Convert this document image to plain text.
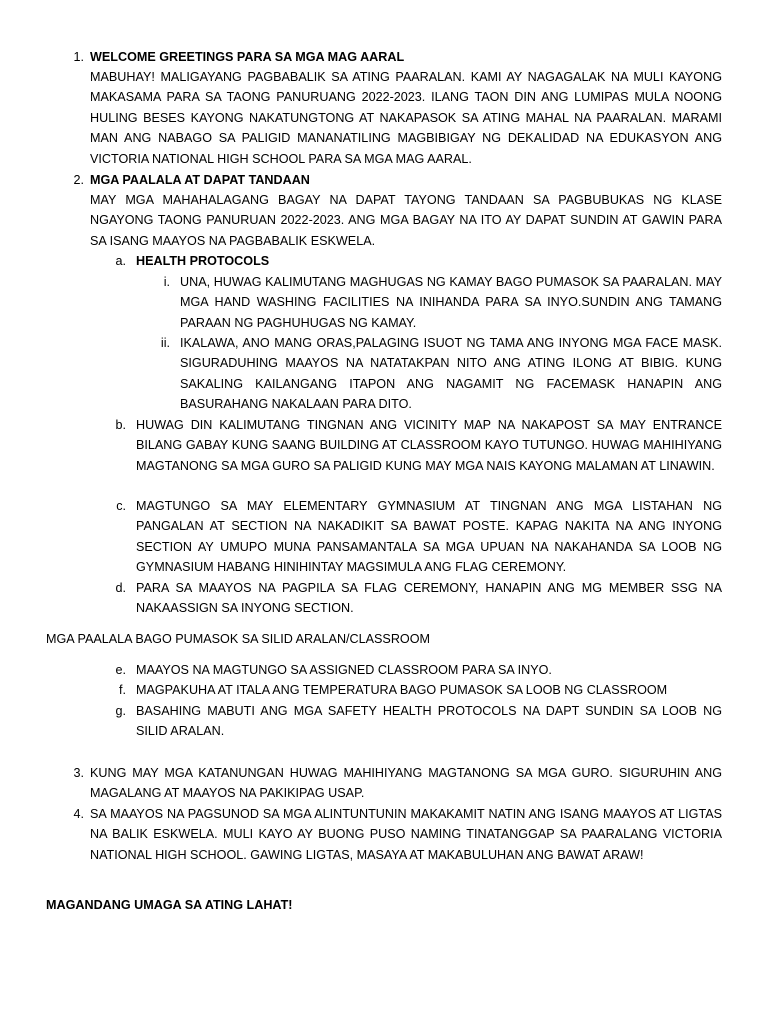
1. WELCOME GREETINGS PARA SA MGA MAG AARAL
MABUHAY! MALIGAYANG PAGBABALIK SA ATING PAARALAN. KAMI AY NAGAGALAK NA MULI KAYONG MAKASAMA PARA SA TAONG PANURUANG 2022-2023. ILANG TAON DIN ANG LUMIPAS MULA NOONG HULING BESES KAYONG NAKATUNGTONG AT NAKAPASOK SA ATING MAHAL NA PAARALAN. MARAMI MAN ANG NABAGO SA PALIGID MANANATILING MAGBIBIGAY NG DEKALIDAD NA EDUKASYON ANG VICTORIA NATIONAL HIGH SCHOOL PARA SA MGA MAG AARAL.
2. MGA PAALALA AT DAPAT TANDAAN
MAY MGA MAHAHALAGANG BAGAY NA DAPAT TAYONG TANDAAN SA PAGBUBUKAS NG KLASE NGAYONG TAONG PANURUAN 2022-2023. ANG MGA BAGAY NA ITO AY DAPAT SUNDIN AT GAWIN PARA SA ISANG MAAYOS NA PAGBABALIK ESKWELA.
a. HEALTH PROTOCOLS
i. UNA, HUWAG KALIMUTANG MAGHUGAS NG KAMAY BAGO PUMASOK SA PAARALAN. MAY MGA HAND WASHING FACILITIES NA INIHANDA PARA SA INYO.SUNDIN ANG TAMANG PARAAN NG PAGHUHUGAS NG KAMAY.
ii. IKALAWA, ANO MANG ORAS,PALAGING ISUOT NG TAMA ANG INYONG MGA FACE MASK. SIGURADUHING MAAYOS NA NATATAKPAN NITO ANG ATING ILONG AT BIBIG. KUNG SAKALING KAILANGANG ITAPON ANG NAGAMIT NG FACEMASK HANAPIN ANG BASURAHANG NAKALAAN PARA DITO.
b. HUWAG DIN KALIMUTANG TINGNAN ANG VICINITY MAP NA NAKAPOST SA MAY ENTRANCE BILANG GABAY KUNG SAANG BUILDING AT CLASSROOM KAYO TUTUNGO. HUWAG MAHIHIYANG MAGTANONG SA MGA GURO SA PALIGID KUNG MAY MGA NAIS KAYONG MALAMAN AT LINAWIN.
c. MAGTUNGO SA MAY ELEMENTARY GYMNASIUM AT TINGNAN ANG MGA LISTAHAN NG PANGALAN AT SECTION NA NAKADIKIT SA BAWAT POSTE. KAPAG NAKITA NA ANG INYONG SECTION AY UMUPO MUNA PANSAMANTALA SA MGA UPUAN NA NAKAHANDA SA LOOB NG GYMNASIUM HABANG HINIHINTAY MAGSIMULA ANG FLAG CEREMONY.
d. PARA SA MAAYOS NA PAGPILA SA FLAG CEREMONY, HANAPIN ANG MG MEMBER SSG NA NAKAASSIGN SA INYONG SECTION.
MGA PAALALA BAGO PUMASOK SA SILID ARALAN/CLASSROOM
e. MAAYOS NA MAGTUNGO SA ASSIGNED CLASSROOM PARA SA INYO.
f. MAGPAKUHA AT ITALA ANG TEMPERATURA BAGO PUMASOK SA LOOB NG CLASSROOM
g. BASAHING MABUTI ANG MGA SAFETY HEALTH PROTOCOLS NA DAPT SUNDIN SA LOOB NG SILID ARALAN.
3. KUNG MAY MGA KATANUNGAN HUWAG MAHIHIYANG MAGTANONG SA MGA GURO. SIGURUHIN ANG MAGALANG AT MAAYOS NA PAKIKIPAG USAP.
4. SA MAAYOS NA PAGSUNOD SA MGA ALINTUNTUNIN MAKAKAMIT NATIN ANG ISANG MAAYOS AT LIGTAS NA BALIK ESKWELA. MULI KAYO AY BUONG PUSO NAMING TINATANGGAP SA PAARALANG VICTORIA NATIONAL HIGH SCHOOL. GAWING LIGTAS, MASAYA AT MAKABULUHAN ANG BAWAT ARAW!
MAGANDANG UMAGA SA ATING LAHAT!
